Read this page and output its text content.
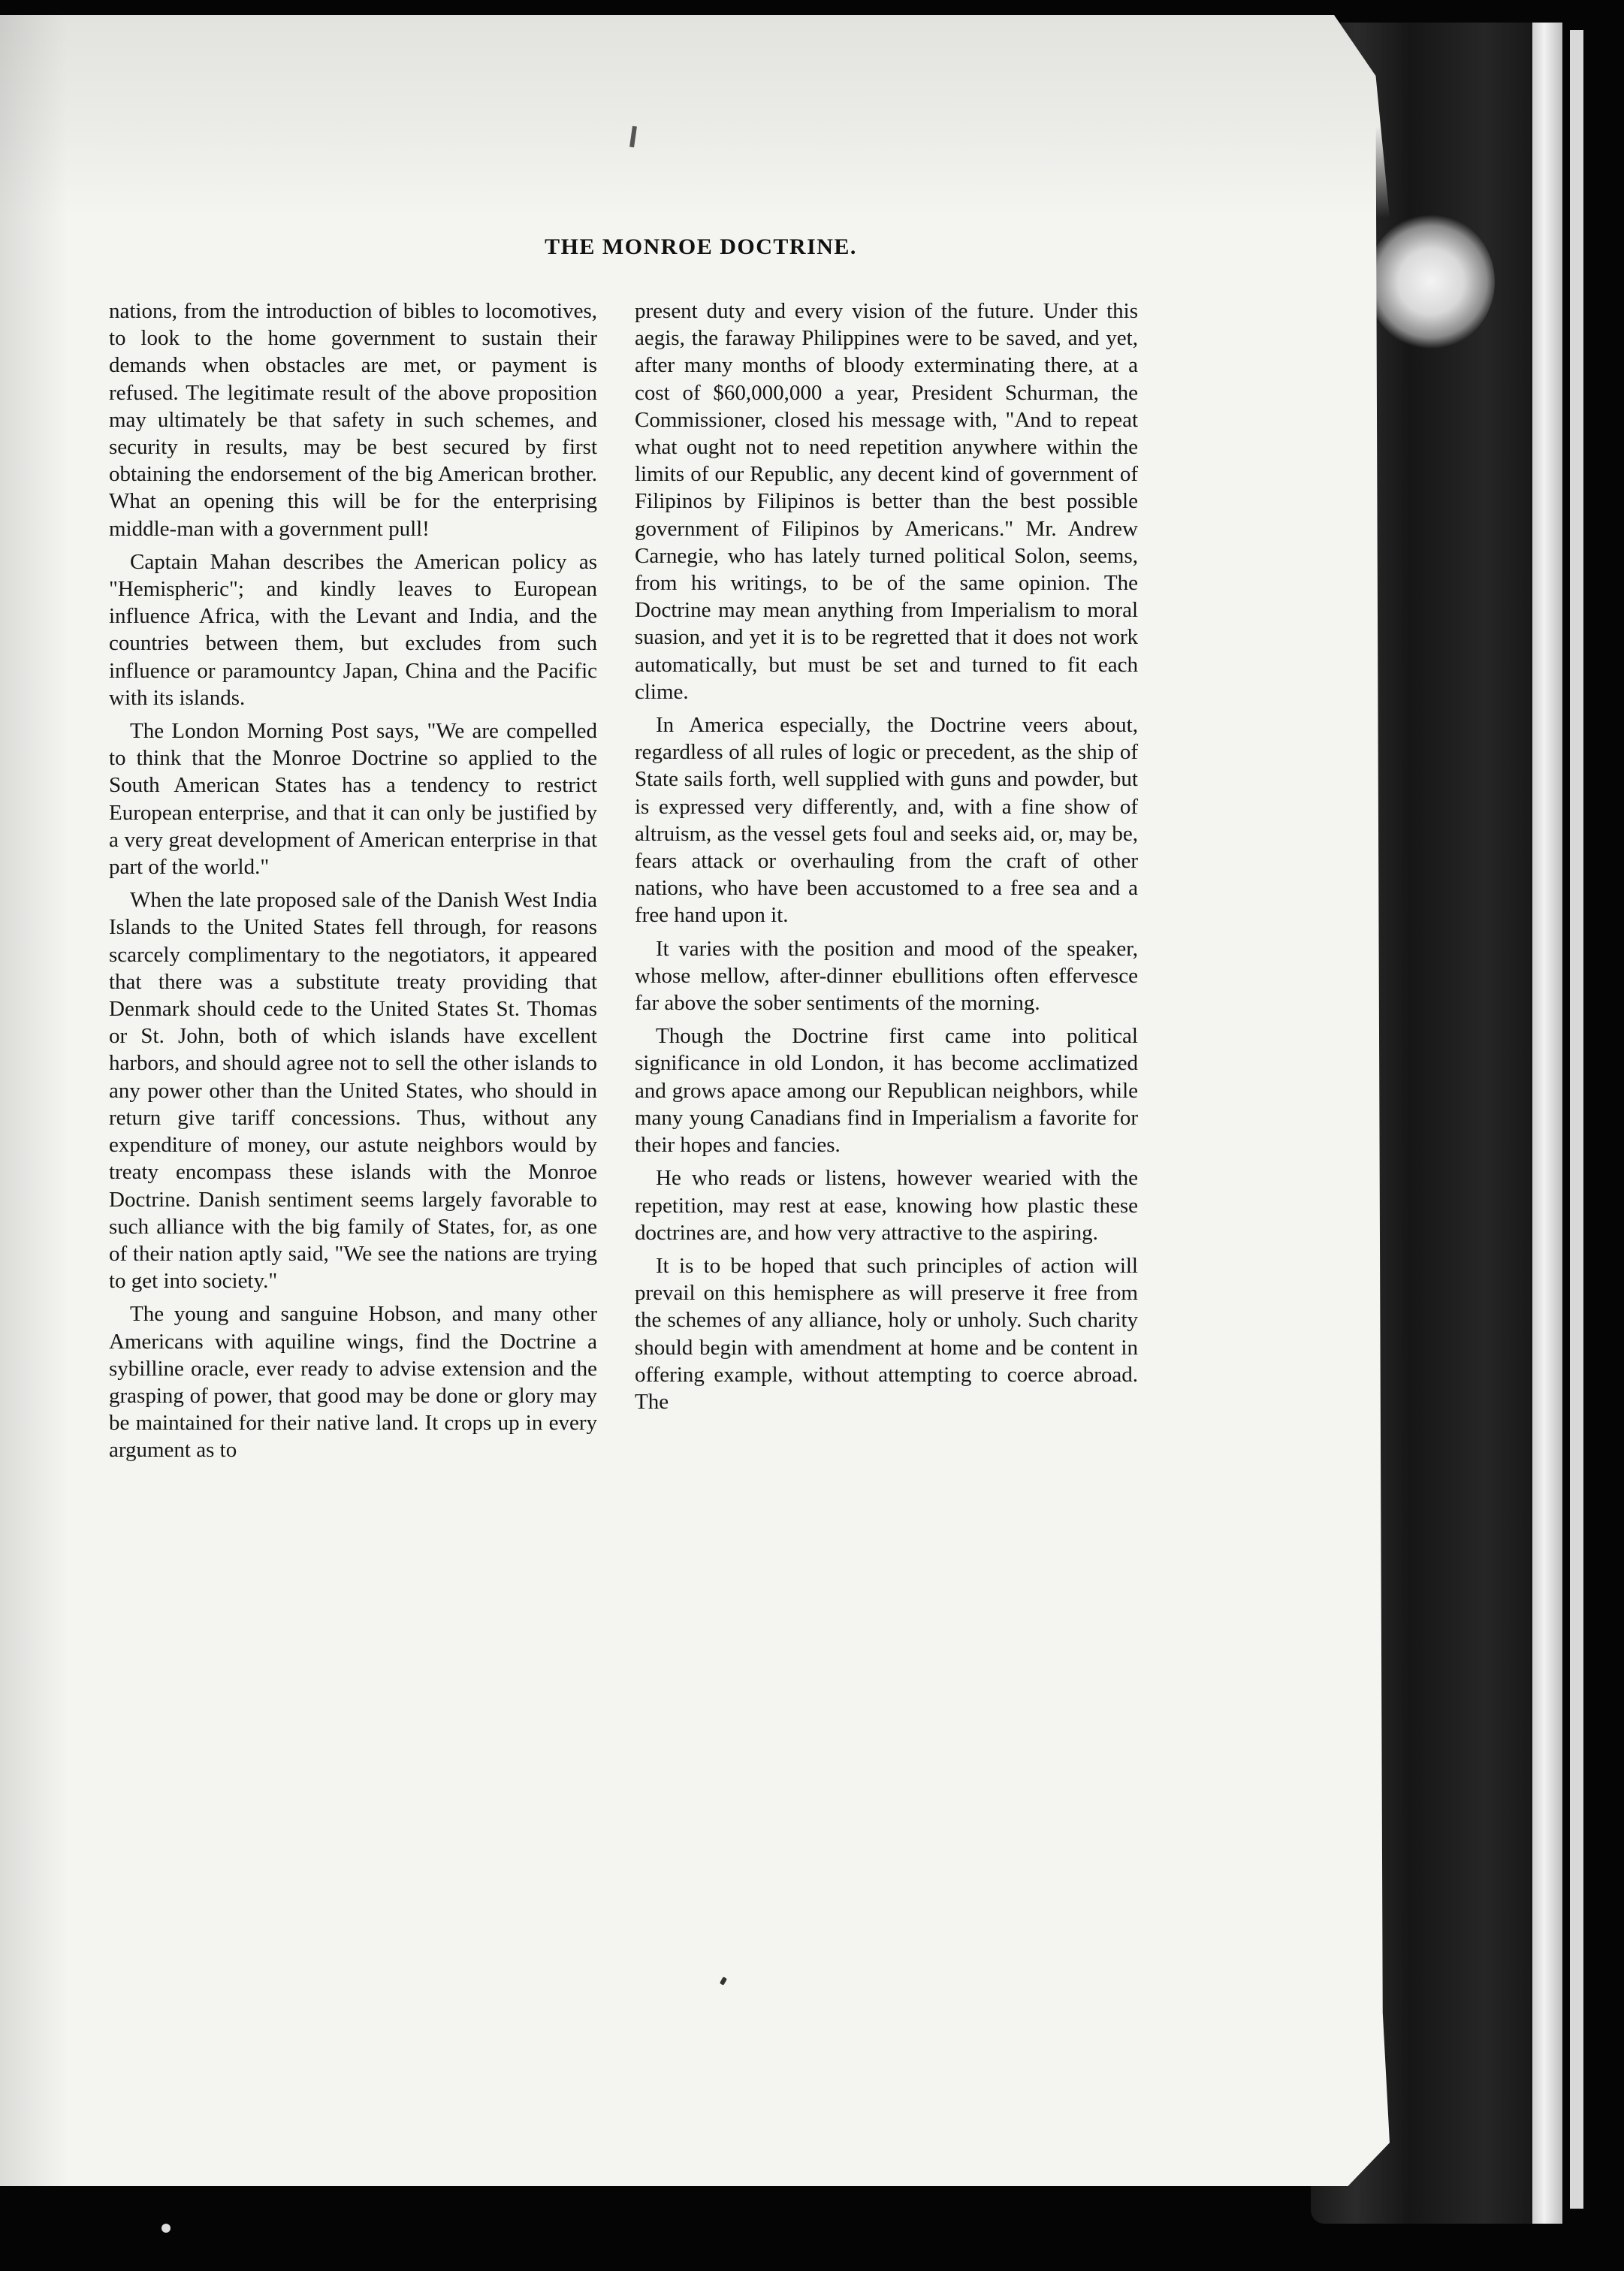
THE MONROE DOCTRINE.

nations, from the introduction of bibles to locomotives, to look to the home government to sustain their demands when obstacles are met, or payment is refused. The legitimate result of the above proposition may ultimately be that safety in such schemes, and security in results, may be best secured by first obtaining the endorsement of the big American brother. What an opening this will be for the enterprising middle-man with a government pull!

Captain Mahan describes the American policy as "Hemispheric"; and kindly leaves to European influence Africa, with the Levant and India, and the countries between them, but excludes from such influence or paramountcy Japan, China and the Pacific with its islands.

The London Morning Post says, "We are compelled to think that the Monroe Doctrine so applied to the South American States has a tendency to restrict European enterprise, and that it can only be justified by a very great development of American enterprise in that part of the world."

When the late proposed sale of the Danish West India Islands to the United States fell through, for reasons scarcely complimentary to the negotiators, it appeared that there was a substitute treaty providing that Denmark should cede to the United States St. Thomas or St. John, both of which islands have excellent harbors, and should agree not to sell the other islands to any power other than the United States, who should in return give tariff concessions. Thus, without any expenditure of money, our astute neighbors would by treaty encompass these islands with the Monroe Doctrine. Danish sentiment seems largely favorable to such alliance with the big family of States, for, as one of their nation aptly said, "We see the nations are trying to get into society."

The young and sanguine Hobson, and many other Americans with aquiline wings, find the Doctrine a sybilline oracle, ever ready to advise extension and the grasping of power, that good may be done or glory may be maintained for their native land. It crops up in every argument as to

present duty and every vision of the future. Under this aegis, the faraway Philippines were to be saved, and yet, after many months of bloody exterminating there, at a cost of $60,000,000 a year, President Schurman, the Commissioner, closed his message with, "And to repeat what ought not to need repetition anywhere within the limits of our Republic, any decent kind of government of Filipinos by Filipinos is better than the best possible government of Filipinos by Americans." Mr. Andrew Carnegie, who has lately turned political Solon, seems, from his writings, to be of the same opinion. The Doctrine may mean anything from Imperialism to moral suasion, and yet it is to be regretted that it does not work automatically, but must be set and turned to fit each clime.

In America especially, the Doctrine veers about, regardless of all rules of logic or precedent, as the ship of State sails forth, well supplied with guns and powder, but is expressed very differently, and, with a fine show of altruism, as the vessel gets foul and seeks aid, or, may be, fears attack or overhauling from the craft of other nations, who have been accustomed to a free sea and a free hand upon it.

It varies with the position and mood of the speaker, whose mellow, after-dinner ebullitions often effervesce far above the sober sentiments of the morning.

Though the Doctrine first came into political significance in old London, it has become acclimatized and grows apace among our Republican neighbors, while many young Canadians find in Imperialism a favorite for their hopes and fancies.

He who reads or listens, however wearied with the repetition, may rest at ease, knowing how plastic these doctrines are, and how very attractive to the aspiring.

It is to be hoped that such principles of action will prevail on this hemisphere as will preserve it free from the schemes of any alliance, holy or unholy. Such charity should begin with amendment at home and be content in offering example, without attempting to coerce abroad. The
